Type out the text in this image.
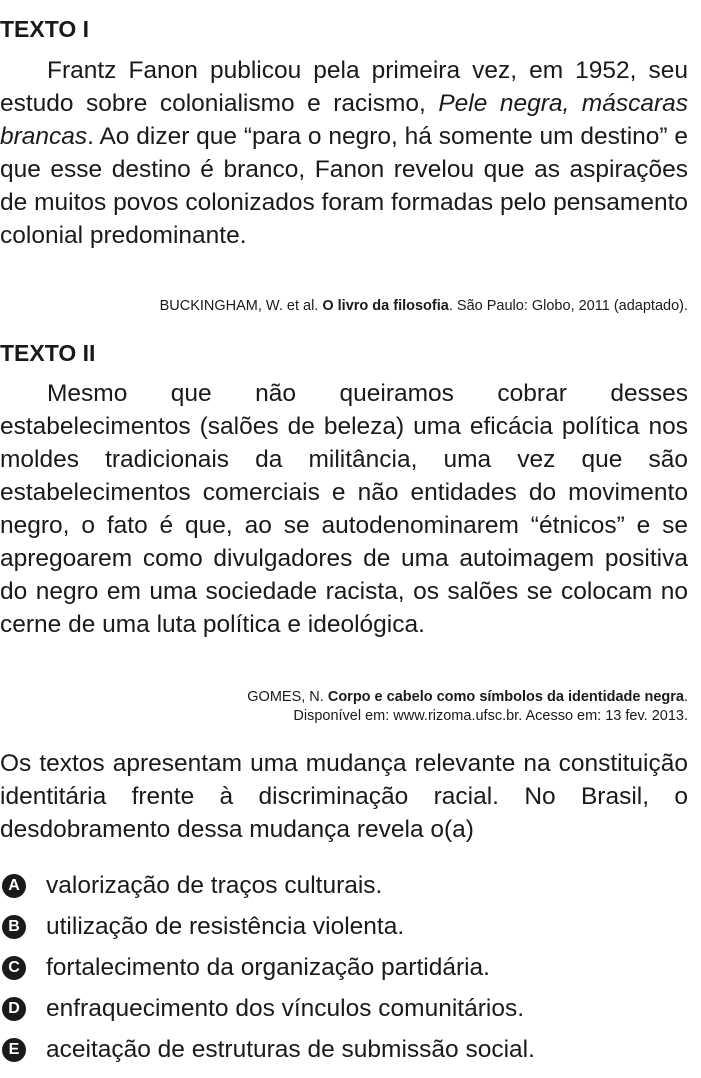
TEXTO I

Frantz Fanon publicou pela primeira vez, em 1952, seu estudo sobre colonialismo e racismo, Pele negra, máscaras brancas. Ao dizer que “para o negro, há somente um destino” e que esse destino é branco, Fanon revelou que as aspirações de muitos povos colonizados foram formadas pelo pensamento colonial predominante.

BUCKINGHAM, W. et al. O livro da filosofia. São Paulo: Globo, 2011 (adaptado).
TEXTO II

Mesmo que não queiramos cobrar desses estabelecimentos (salões de beleza) uma eficácia política nos moldes tradicionais da militância, uma vez que são estabelecimentos comerciais e não entidades do movimento negro, o fato é que, ao se autodenominarem “étnicos” e se apregoarem como divulgadores de uma autoimagem positiva do negro em uma sociedade racista, os salões se colocam no cerne de uma luta política e ideológica.

GOMES, N. Corpo e cabelo como símbolos da identidade negra.
Disponível em: www.rizoma.ufsc.br. Acesso em: 13 fev. 2013.

Os textos apresentam uma mudança relevante na constituição identitária frente à discriminação racial. No Brasil, o desdobramento dessa mudança revela o(a)

A valorização de traços culturais.
B utilização de resistência violenta.
C fortalecimento da organização partidária.
D enfraquecimento dos vínculos comunitários.
E aceitação de estruturas de submissão social.
